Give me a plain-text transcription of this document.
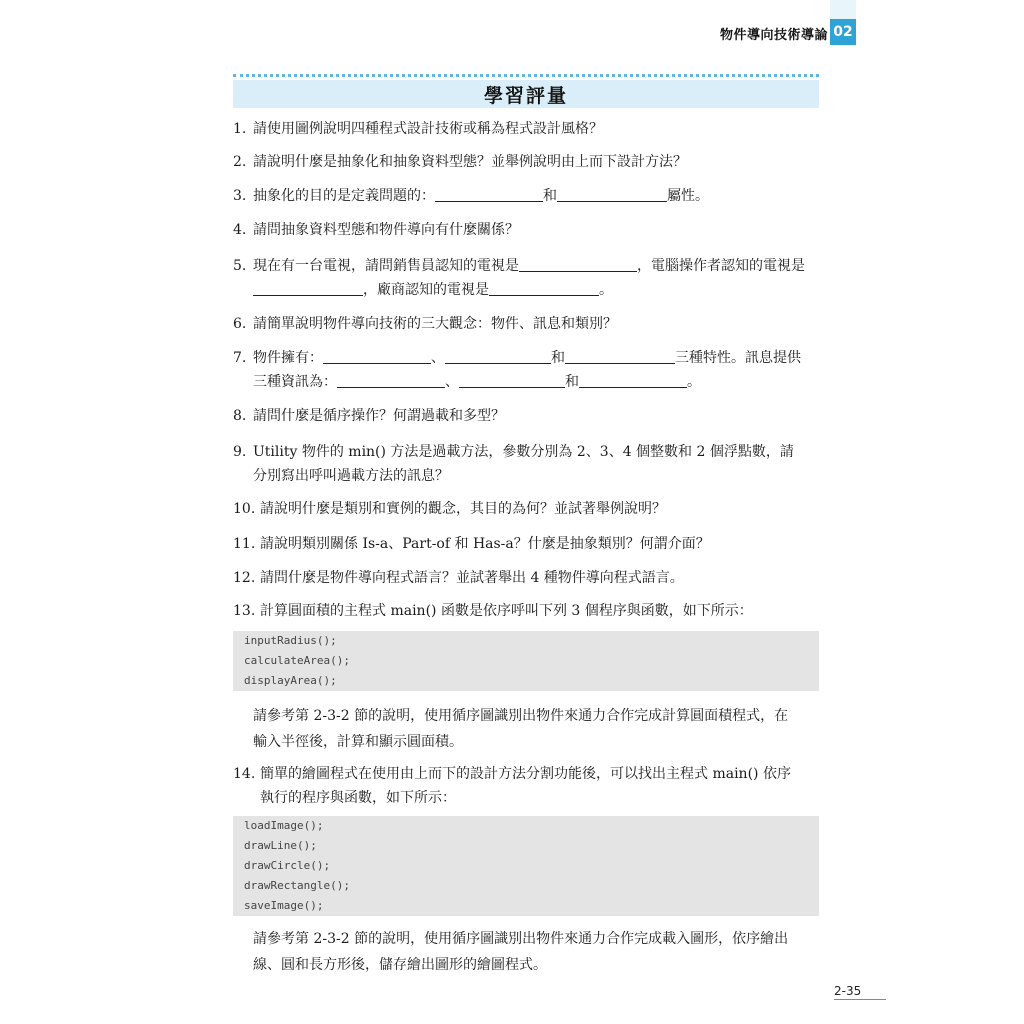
物件導向技術導論 02
學習評量
1. 請使用圖例說明四種程式設計技術或稱為程式設計風格？
2. 請說明什麼是抽象化和抽象資料型態？並舉例說明由上而下設計方法？
3. 抽象化的目的是定義問題的：	和	屬性。
4. 請問抽象資料型態和物件導向有什麼關係？
5. 現在有一台電視，請問銷售員認知的電視是	，電腦操作者認知的電視是
，廠商認知的電視是	。
6. 請簡單說明物件導向技術的三大觀念：物件、訊息和類別？
7. 物件擁有：	、	和	三種特性。訊息提供
三種資訊為：	、	和	。
8. 請問什麼是循序操作？何謂過載和多型？
9. Utility 物件的 min() 方法是過載方法，參數分別為 2、3、4 個整數和 2 個浮點數，請
分別寫出呼叫過載方法的訊息？
10. 請說明什麼是類別和實例的觀念，其目的為何？並試著舉例說明？
11. 請說明類別關係 Is-a、Part-of 和 Has-a？什麼是抽象類別？何謂介面？
12. 請問什麼是物件導向程式語言？並試著舉出 4 種物件導向程式語言。
13. 計算圓面積的主程式 main() 函數是依序呼叫下列 3 個程序與函數，如下所示：
inputRadius();
calculateArea();
displayArea();
請參考第 2-3-2 節的說明，使用循序圖識別出物件來通力合作完成計算圓面積程式，在
輸入半徑後，計算和顯示圓面積。
14. 簡單的繪圖程式在使用由上而下的設計方法分割功能後，可以找出主程式 main() 依序
執行的程序與函數，如下所示：
loadImage();
drawLine();
drawCircle();
drawRectangle();
saveImage();
請參考第 2-3-2 節的說明，使用循序圖識別出物件來通力合作完成載入圖形，依序繪出
線、圓和長方形後，儲存繪出圖形的繪圖程式。
2-35
